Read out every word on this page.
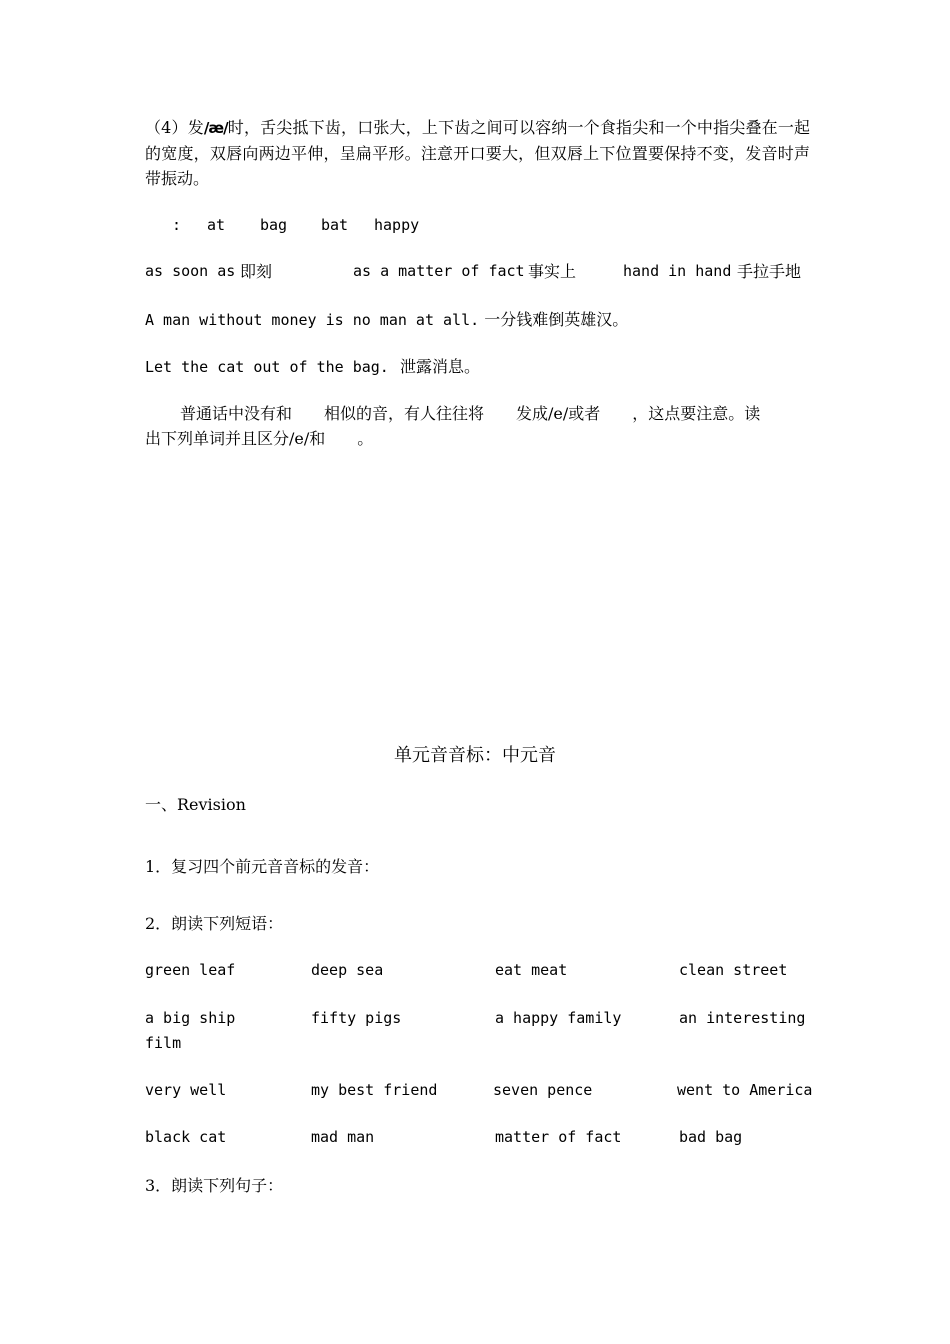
（4）发/æ/时，舌尖抵下齿，口张大，上下齿之间可以容纳一个食指尖和一个中指尖叠在一起的宽度，双唇向两边平伸，呈扁平形。注意开口要大，但双唇上下位置要保持不变，发音时声带振动。
: at bag bat happy
as soon as 即刻	as a matter of fact 事实上	hand in hand 手拉手地
A man without money is no man at all. 一分钱难倒英雄汉。
Let the cat out of the bag. 泄露消息。
普通话中没有和　　相似的音，有人往往将　　发成/e/或者　　，这点要注意。读
出下列单词并且区分/e/和　　。
单元音音标：中元音
一、Revision
1．复习四个前元音音标的发音：
2．朗读下列短语：
green leaf	deep sea	eat meat	clean street
a big ship	fifty pigs	a happy family	an interesting
film
very well	my best friend	seven pence	went to America
black cat	mad man	matter of fact	bad bag
3．朗读下列句子：
